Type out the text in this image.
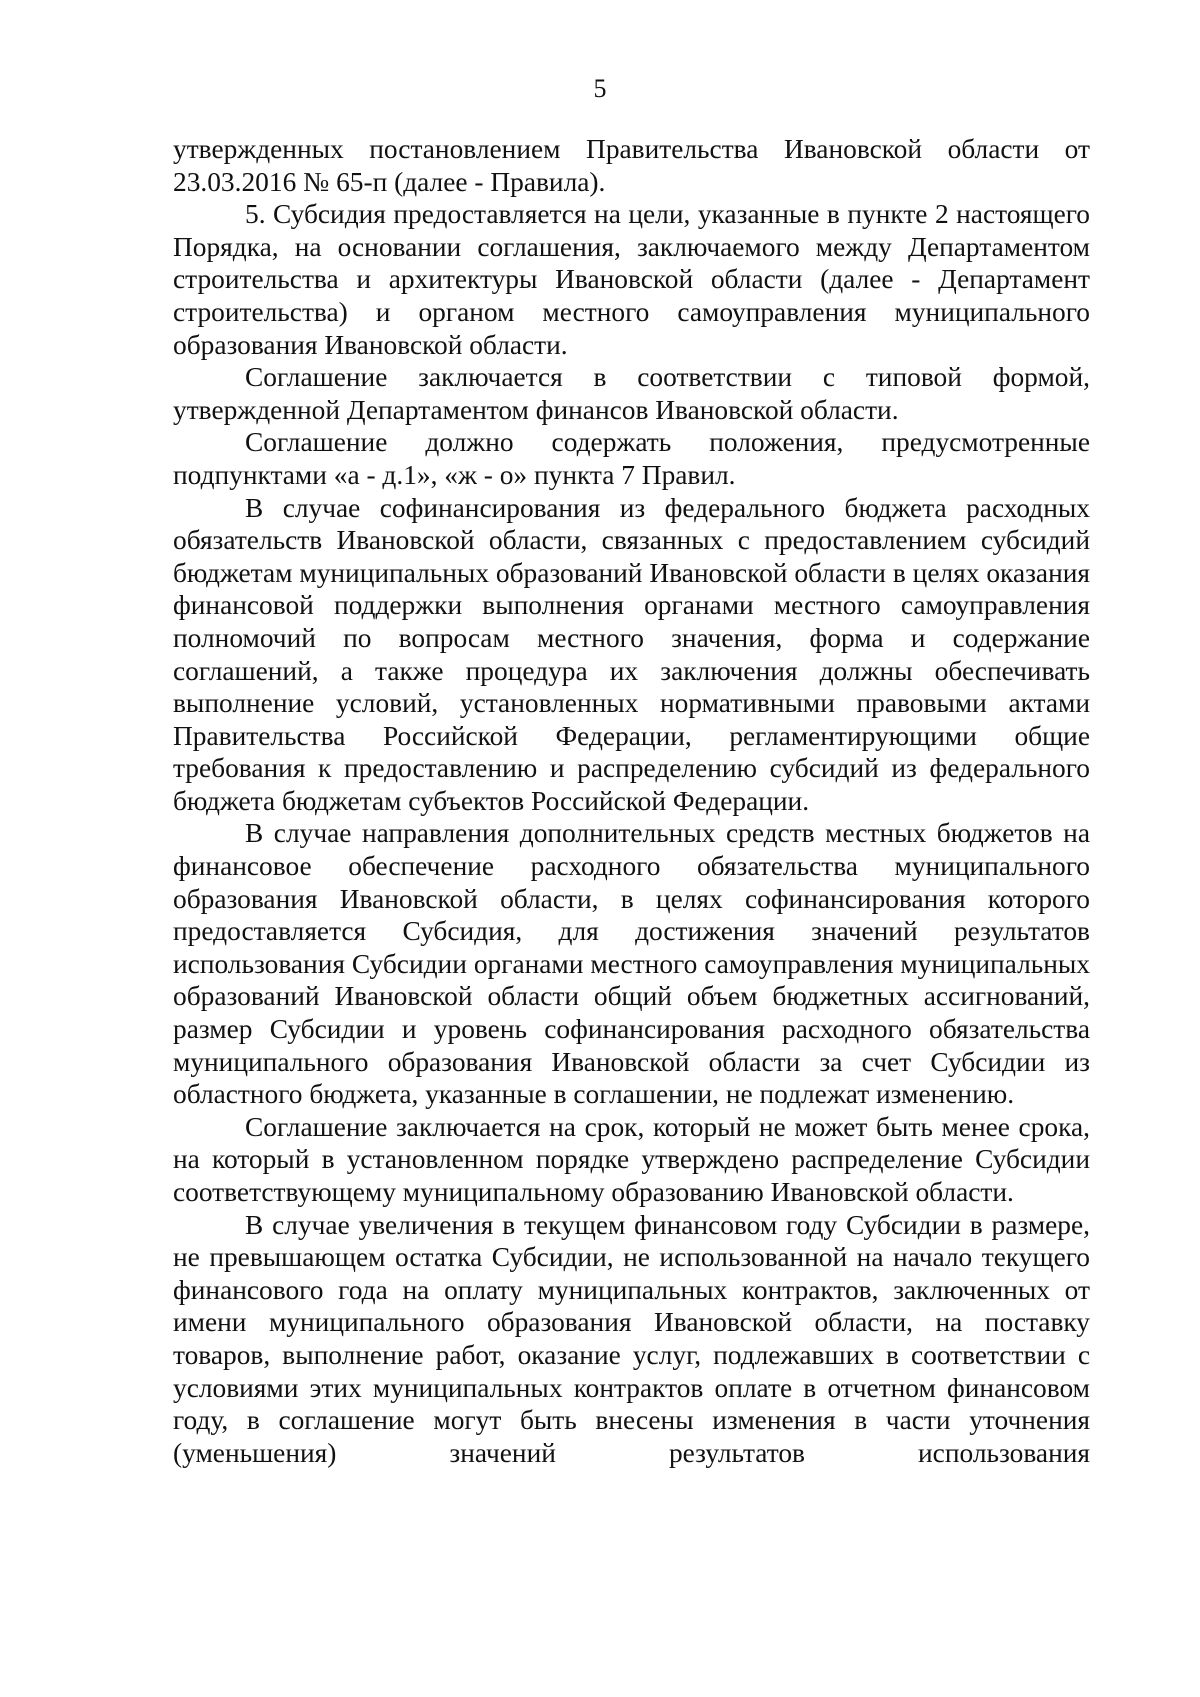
5

утвержденных постановлением Правительства Ивановской области от 23.03.2016 № 65-п (далее - Правила).

5. Субсидия предоставляется на цели, указанные в пункте 2 настоящего Порядка, на основании соглашения, заключаемого между Департаментом строительства и архитектуры Ивановской области (далее - Департамент строительства) и органом местного самоуправления муниципального образования Ивановской области.

Соглашение заключается в соответствии с типовой формой, утвержденной Департаментом финансов Ивановской области.

Соглашение должно содержать положения, предусмотренные подпунктами «а - д.1», «ж - о» пункта 7 Правил.

В случае софинансирования из федерального бюджета расходных обязательств Ивановской области, связанных с предоставлением субсидий бюджетам муниципальных образований Ивановской области в целях оказания финансовой поддержки выполнения органами местного самоуправления полномочий по вопросам местного значения, форма и содержание соглашений, а также процедура их заключения должны обеспечивать выполнение условий, установленных нормативными правовыми актами Правительства Российской Федерации, регламентирующими общие требования к предоставлению и распределению субсидий из федерального бюджета бюджетам субъектов Российской Федерации.

В случае направления дополнительных средств местных бюджетов на финансовое обеспечение расходного обязательства муниципального образования Ивановской области, в целях софинансирования которого предоставляется Субсидия, для достижения значений результатов использования Субсидии органами местного самоуправления муниципальных образований Ивановской области общий объем бюджетных ассигнований, размер Субсидии и уровень софинансирования расходного обязательства муниципального образования Ивановской области за счет Субсидии из областного бюджета, указанные в соглашении, не подлежат изменению.

Соглашение заключается на срок, который не может быть менее срока, на который в установленном порядке утверждено распределение Субсидии соответствующему муниципальному образованию Ивановской области.

В случае увеличения в текущем финансовом году Субсидии в размере, не превышающем остатка Субсидии, не использованной на начало текущего финансового года на оплату муниципальных контрактов, заключенных от имени муниципального образования Ивановской области, на поставку товаров, выполнение работ, оказание услуг, подлежавших в соответствии с условиями этих муниципальных контрактов оплате в отчетном финансовом году, в соглашение могут быть внесены изменения в части уточнения (уменьшения) значений результатов использования
